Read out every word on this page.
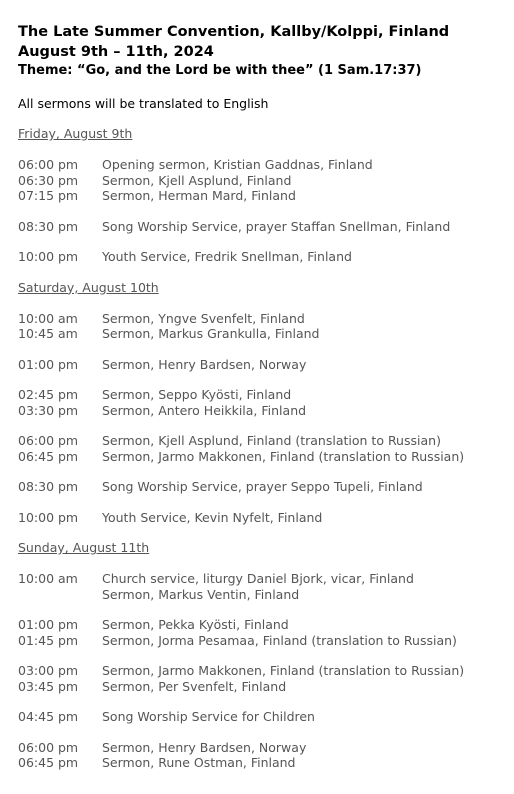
The Late Summer Convention, Kallby/Kolppi, Finland
August 9th – 11th, 2024
Theme: “Go, and the Lord be with thee” (1 Sam.17:37)
All sermons will be translated to English
Friday, August 9th
06:00 pm	Opening sermon, Kristian Gaddnas, Finland
06:30 pm	Sermon, Kjell Asplund, Finland
07:15 pm	Sermon, Herman Mard, Finland
08:30 pm	Song Worship Service, prayer Staffan Snellman, Finland
10:00 pm	Youth Service, Fredrik Snellman, Finland
Saturday, August 10th
10:00 am	Sermon, Yngve Svenfelt, Finland
10:45 am	Sermon, Markus Grankulla, Finland
01:00 pm	Sermon, Henry Bardsen, Norway
02:45 pm	Sermon, Seppo Kyösti, Finland
03:30 pm	Sermon, Antero Heikkila, Finland
06:00 pm	Sermon, Kjell Asplund, Finland (translation to Russian)
06:45 pm	Sermon, Jarmo Makkonen, Finland (translation to Russian)
08:30 pm	Song Worship Service, prayer Seppo Tupeli, Finland
10:00 pm	Youth Service, Kevin Nyfelt, Finland
Sunday, August 11th
10:00 am	Church service, liturgy Daniel Bjork, vicar, Finland
Sermon, Markus Ventin, Finland
01:00 pm	Sermon, Pekka Kyösti, Finland
01:45 pm	Sermon, Jorma Pesamaa, Finland (translation to Russian)
03:00 pm	Sermon, Jarmo Makkonen, Finland (translation to Russian)
03:45 pm	Sermon, Per Svenfelt, Finland
04:45 pm	Song Worship Service for Children
06:00 pm	Sermon, Henry Bardsen, Norway
06:45 pm	Sermon, Rune Ostman, Finland
